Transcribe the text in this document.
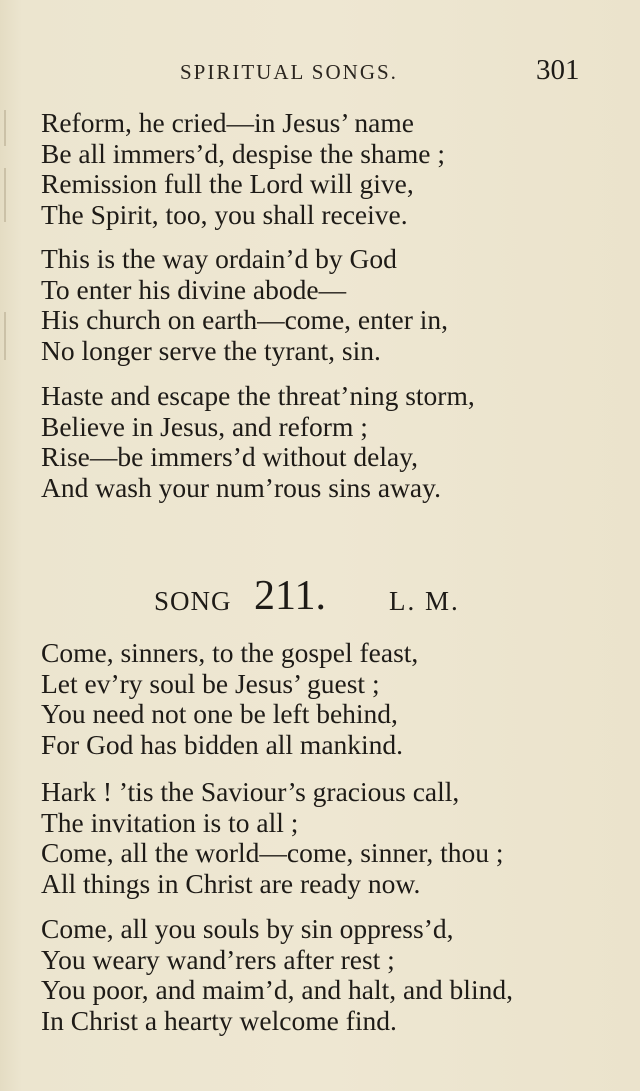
SPIRITUAL SONGS.	301
Reform, he cried—in Jesus’ name
Be all immers’d, despise the shame ;
Remission full the Lord will give,
The Spirit, too, you shall receive.
This is the way ordain’d by God
To enter his divine abode—
His church on earth—come, enter in,
No longer serve the tyrant, sin.
Haste and escape the threat’ning storm,
Believe in Jesus, and reform ;
Rise—be immers’d without delay,
And wash your num’rous sins away.
SONG 211. L. M.
Come, sinners, to the gospel feast,
Let ev’ry soul be Jesus’ guest ;
You need not one be left behind,
For God has bidden all mankind.
Hark ! ’tis the Saviour’s gracious call,
The invitation is to all ;
Come, all the world—come, sinner, thou ;
All things in Christ are ready now.
Come, all you souls by sin oppress’d,
You weary wand’rers after rest ;
You poor, and maim’d, and halt, and blind,
In Christ a hearty welcome find.
